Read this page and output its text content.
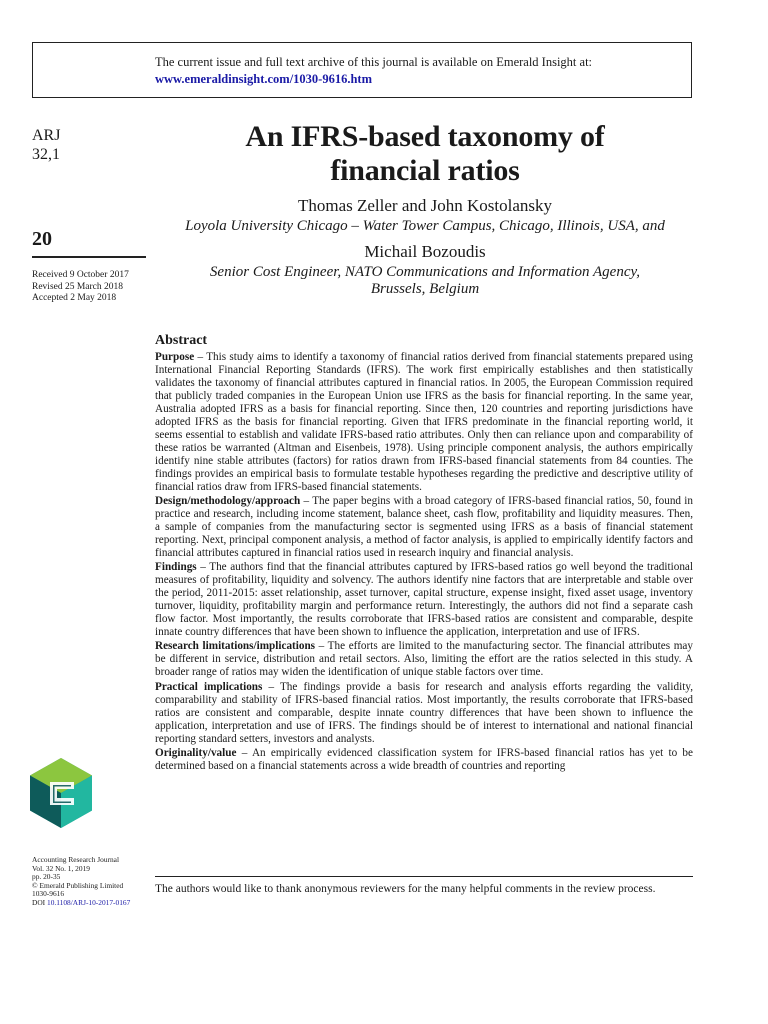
The current issue and full text archive of this journal is available on Emerald Insight at:
www.emeraldinsight.com/1030-9616.htm
ARJ
32,1
20
Received 9 October 2017
Revised 25 March 2018
Accepted 2 May 2018
An IFRS-based taxonomy of
financial ratios
Thomas Zeller and John Kostolansky
Loyola University Chicago – Water Tower Campus, Chicago, Illinois, USA, and
Michail Bozoudis
Senior Cost Engineer, NATO Communications and Information Agency,
Brussels, Belgium
Abstract

Purpose – This study aims to identify a taxonomy of financial ratios derived from financial statements prepared using International Financial Reporting Standards (IFRS). The work first empirically establishes and then statistically validates the taxonomy of financial attributes captured in financial ratios. In 2005, the European Commission required that publicly traded companies in the European Union use IFRS as the basis for financial reporting. In the same year, Australia adopted IFRS as a basis for financial reporting. Since then, 120 countries and reporting jurisdictions have adopted IFRS as the basis for financial reporting. Given that IFRS predominate in the financial reporting world, it seems essential to establish and validate IFRS-based ratio attributes. Only then can reliance upon and comparability of these ratios be warranted (Altman and Eisenbeis, 1978). Using principle component analysis, the authors empirically identify nine stable attributes (factors) for ratios drawn from IFRS-based financial statements from 84 counties. The findings provides an empirical basis to formulate testable hypotheses regarding the predictive and descriptive utility of financial ratios draw from IFRS-based financial statements.

Design/methodology/approach – The paper begins with a broad category of IFRS-based financial ratios, 50, found in practice and research, including income statement, balance sheet, cash flow, profitability and liquidity measures. Then, a sample of companies from the manufacturing sector is segmented using IFRS as a basis of financial statement reporting. Next, principal component analysis, a method of factor analysis, is applied to empirically identify factors and financial attributes captured in financial ratios used in research inquiry and financial analysis.

Findings – The authors find that the financial attributes captured by IFRS-based ratios go well beyond the traditional measures of profitability, liquidity and solvency. The authors identify nine factors that are interpretable and stable over the period, 2011-2015: asset relationship, asset turnover, capital structure, expense insight, fixed asset usage, inventory turnover, liquidity, profitability margin and performance return. Interestingly, the authors did not find a separate cash flow factor. Most importantly, the results corroborate that IFRS-based ratios are consistent and comparable, despite innate country differences that have been shown to influence the application, interpretation and use of IFRS.

Research limitations/implications – The efforts are limited to the manufacturing sector. The financial attributes may be different in service, distribution and retail sectors. Also, limiting the effort are the ratios selected in this study. A broader range of ratios may widen the identification of unique stable factors over time.

Practical implications – The findings provide a basis for research and analysis efforts regarding the validity, comparability and stability of IFRS-based financial ratios. Most importantly, the results corroborate that IFRS-based ratios are consistent and comparable, despite innate country differences that have been shown to influence the application, interpretation and use of IFRS. The findings should be of interest to international and national financial reporting standard setters, investors and analysts.

Originality/value – An empirically evidenced classification system for IFRS-based financial ratios has yet to be determined based on a financial statements across a wide breadth of countries and reporting

The authors would like to thank anonymous reviewers for the many helpful comments in the review process.
Accounting Research Journal
Vol. 32 No. 1, 2019
pp. 20-35
© Emerald Publishing Limited
1030-9616
DOI 10.1108/ARJ-10-2017-0167
